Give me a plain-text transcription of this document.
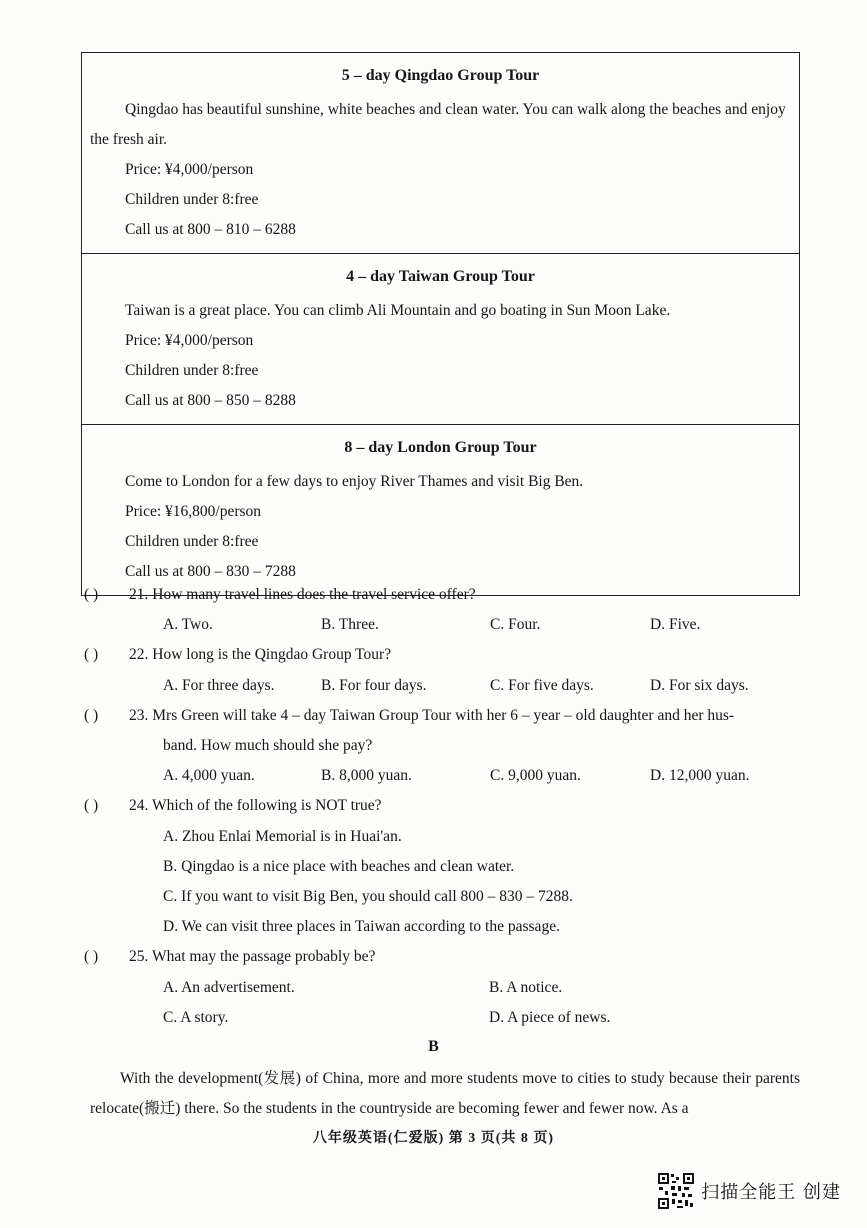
5 – day Qingdao Group Tour

Qingdao has beautiful sunshine, white beaches and clean water. You can walk along the beaches and enjoy the fresh air.

Price: ¥4,000/person
Children under 8:free
Call us at 800 – 810 – 6288
4 – day Taiwan Group Tour

Taiwan is a great place. You can climb Ali Mountain and go boating in Sun Moon Lake.

Price: ¥4,000/person
Children under 8:free
Call us at 800 – 850 – 8288
8 – day London Group Tour

Come to London for a few days to enjoy River Thames and visit Big Ben.

Price: ¥16,800/person
Children under 8:free
Call us at 800 – 830 – 7288
( ) 21. How many travel lines does the travel service offer?
A. Two.	B. Three.	C. Four.	D. Five.
( ) 22. How long is the Qingdao Group Tour?
A. For three days.	B. For four days.	C. For five days.	D. For six days.
( ) 23. Mrs Green will take 4 – day Taiwan Group Tour with her 6 – year – old daughter and her hus-
band. How much should she pay?
A. 4,000 yuan.	B. 8,000 yuan.	C. 9,000 yuan.	D. 12,000 yuan.
( ) 24. Which of the following is NOT true?
A. Zhou Enlai Memorial is in Huai'an.
B. Qingdao is a nice place with beaches and clean water.
C. If you want to visit Big Ben, you should call 800 – 830 – 7288.
D. We can visit three places in Taiwan according to the passage.
( ) 25. What may the passage probably be?
A. An advertisement.	B. A notice.
C. A story.	D. A piece of news.
B
With the development(发展) of China, more and more students move to cities to study because their parents relocate(搬迁) there. So the students in the countryside are becoming fewer and fewer now. As a
八年级英语(仁爱版) 第 3 页(共 8 页)
扫描全能王 创建
